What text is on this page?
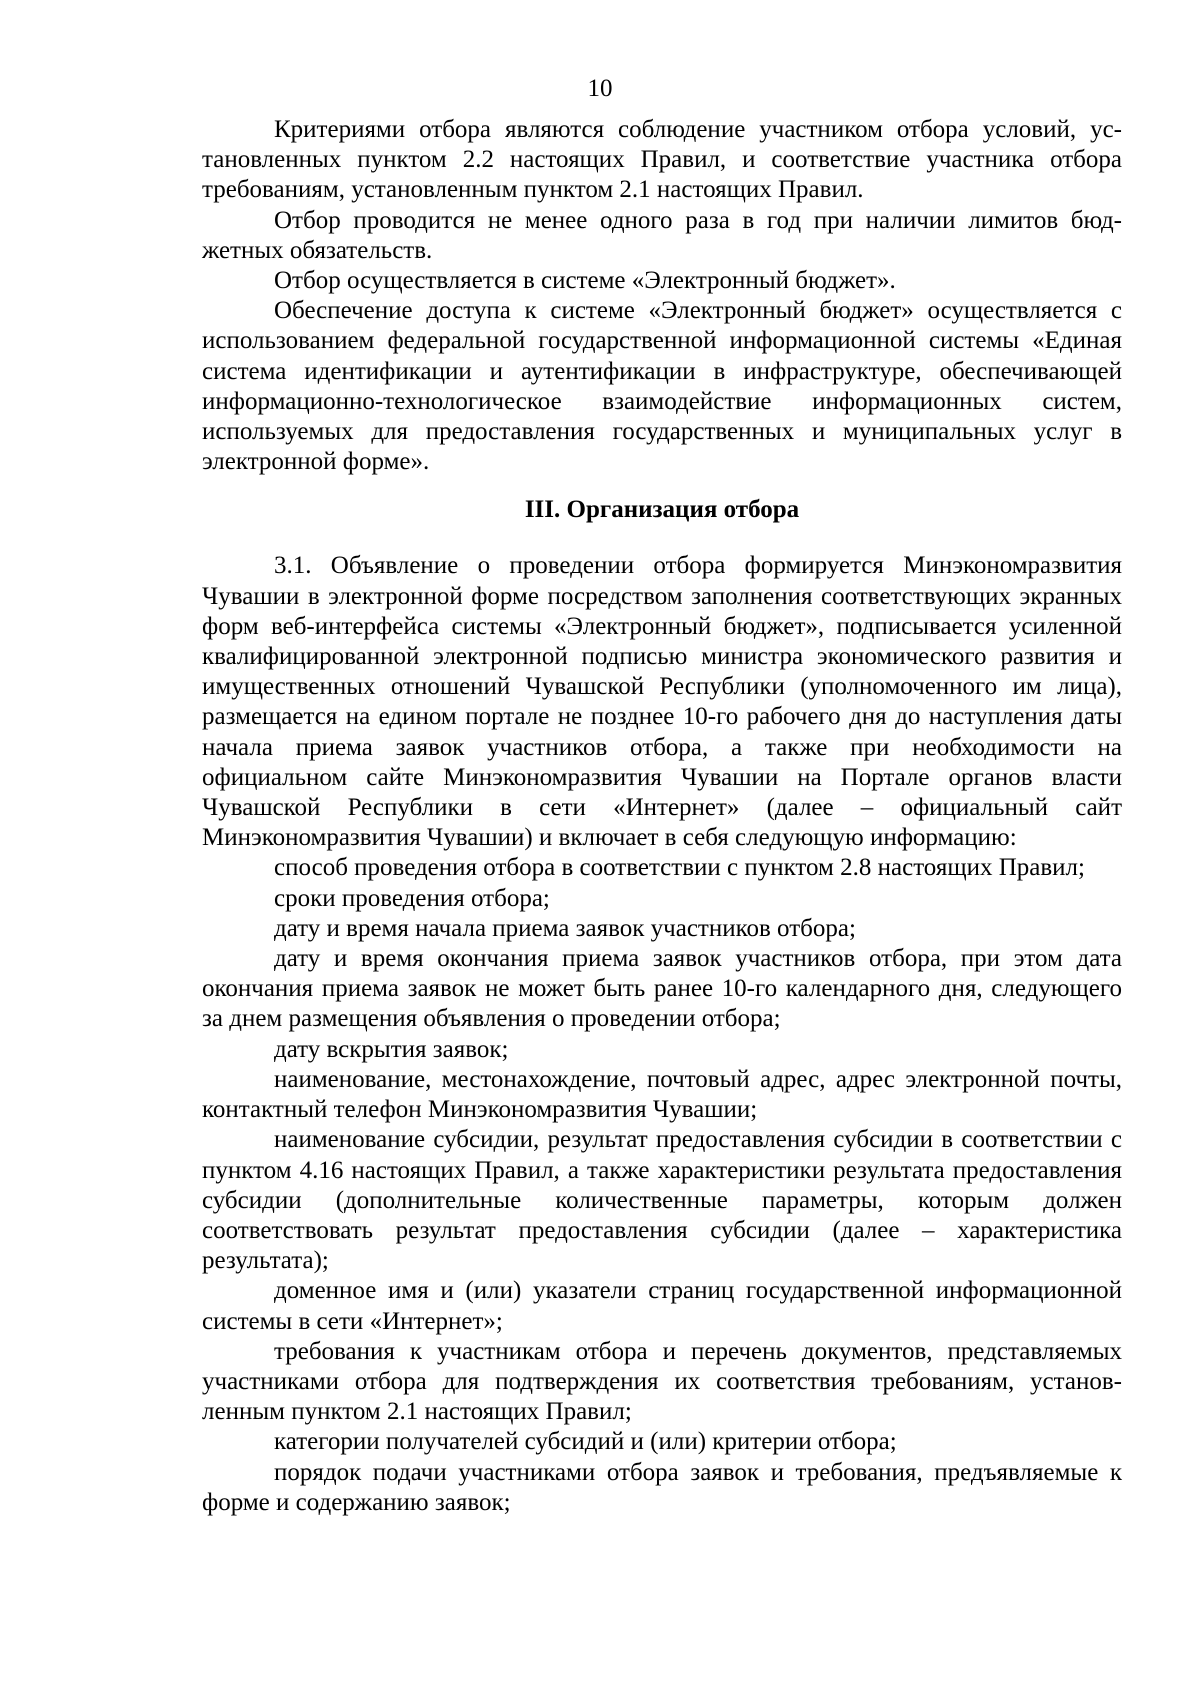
10

Критериями отбора являются соблюдение участником отбора условий, установленных пунктом 2.2 настоящих Правил, и соответствие участника отбора требованиям, установленным пунктом 2.1 настоящих Правил.

Отбор проводится не менее одного раза в год при наличии лимитов бюджетных обязательств.

Отбор осуществляется в системе «Электронный бюджет».

Обеспечение доступа к системе «Электронный бюджет» осуществляется с использованием федеральной государственной информационной системы «Единая система идентификации и аутентификации в инфраструктуре, обеспечивающей информационно-технологическое взаимодействие информационных систем, используемых для предоставления государственных и муниципальных услуг в электронной форме».

III. Организация отбора

3.1. Объявление о проведении отбора формируется Минэкономразвития Чувашии в электронной форме посредством заполнения соответствующих экранных форм веб-интерфейса системы «Электронный бюджет», подписывается усиленной квалифицированной электронной подписью министра экономического развития и имущественных отношений Чувашской Республики (уполномоченного им лица), размещается на едином портале не позднее 10-го рабочего дня до наступления даты начала приема заявок участников отбора, а также при необходимости на официальном сайте Минэкономразвития Чувашии на Портале органов власти Чувашской Республики в сети «Интернет» (далее – официальный сайт Минэкономразвития Чувашии) и включает в себя следующую информацию:

способ проведения отбора в соответствии с пунктом 2.8 настоящих Правил;

сроки проведения отбора;

дату и время начала приема заявок участников отбора;

дату и время окончания приема заявок участников отбора, при этом дата окончания приема заявок не может быть ранее 10-го календарного дня, следующего за днем размещения объявления о проведении отбора;

дату вскрытия заявок;

наименование, местонахождение, почтовый адрес, адрес электронной почты, контактный телефон Минэкономразвития Чувашии;

наименование субсидии, результат предоставления субсидии в соответствии с пунктом 4.16 настоящих Правил, а также характеристики результата предоставления субсидии (дополнительные количественные параметры, которым должен соответствовать результат предоставления субсидии (далее – характеристика результата);

доменное имя и (или) указатели страниц государственной информационной системы в сети «Интернет»;

требования к участникам отбора и перечень документов, представляемых участниками отбора для подтверждения их соответствия требованиям, установленным пунктом 2.1 настоящих Правил;

категории получателей субсидий и (или) критерии отбора;

порядок подачи участниками отбора заявок и требования, предъявляемые к форме и содержанию заявок;
